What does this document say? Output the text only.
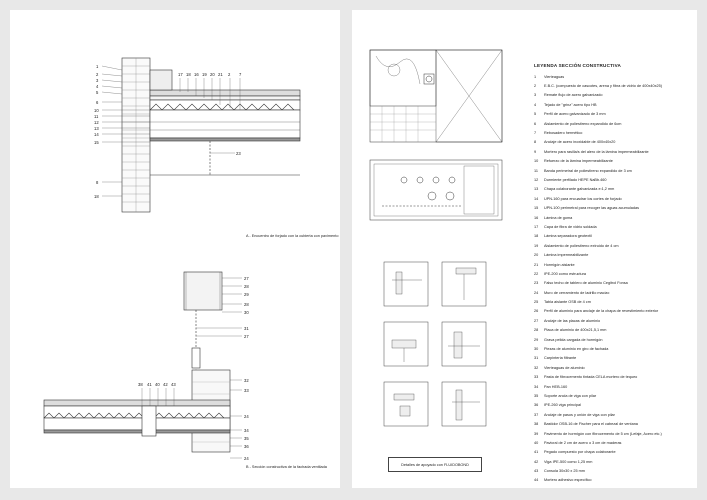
1
2
3
4
5
6
10
11
12
13
14
15
8
18
17 18 16 19 20 21 2 7
23
27
28
29
28
30
31
27
32
33
24
34
35
36
24
38 41 40 42 43
A - Encuentro de forjado con la cubierta con pavimento
B - Sección constructiva de la fachada ventilada
LEYENDA SECCIÓN CONSTRUCTIVA
1	Vierteaguas
2	E.B.C. (compuesto de cascotes, arena y fibra de vidrio de 400x40x25)
3	Remate flujo de acero galvanizado
4	Tejado de "grinz" acero tipo HB
5	Perfil de acero galvanizado de 3 mm
6	Aislamiento de poliestireno expandido de 6cm
7	Rebosadero hermético
8	Anclaje de acero inoxidable de 400x40x20
9	Mortero para rasilla/s del alero de la lámina impermeabilizante
10	Refuerzo de la lámina impermeabilizante
11	Banda perimetral de poliestireno expandido de 3 cm
12	Durmiente perfilado HEPE NaBb.460
13	Chapa colaborante galvanizada e:1,2 mm
14	UPN-160 para encuadrar los cortes de forjado
15	UPN-100 perimetral para recoger las aguas acumuladas
16	Lámina de goma
17	Capa de fibra de vidrio soldada
18	Lámina separadora geotextil
19	Aislamiento de poliestireno extruido de 4 cm
20	Lámina impermeabilizante
21	Hormigón aislante
22	IPE-200 como estructura
23	Falso techo de tablero de aluminio Cegitrol Fonsa
24	Muro de cerramiento de ladrillo macizo
25	Tabla aislante OSB de 4 cm
26	Perfil de aluminio para anclaje de la chapa de revestimiento exterior
27	Anclaje de las placas de aluminio
28	Placa de aluminio de 400x21,5,1 mm
29	Grava pelida cargada de hormigón
30	Piezas de aluminio en giro de fachada
31	Carpintería filtrante
32	Vierteaguas de aluminio
33	Pasta de fibrocemento tintada CELA mortero de tequeo
34	Pan HEB-160
35	Soporte ancla de viga con pilar
36	IPE-260 viga principal
37	Anclaje de pasos y unión de viga con pilar
38	Bastidor OSB-16 de Fischer para el cabezal de ventana
39	Pavimento de hormigón con fibrocemento de 5 cm (Lefaje, Acero etc.)
40	Pavicral de 2 cm de acero o 3 cm de maderas
41	Pegado compuesto por chapa colaborante
42	Viga IPE-500 como 1,25 mm
43	Consola 30x30 x 25 mm
44	Mortero adhesivo específico
Detalles de apoyado con FLUIDOBOND
